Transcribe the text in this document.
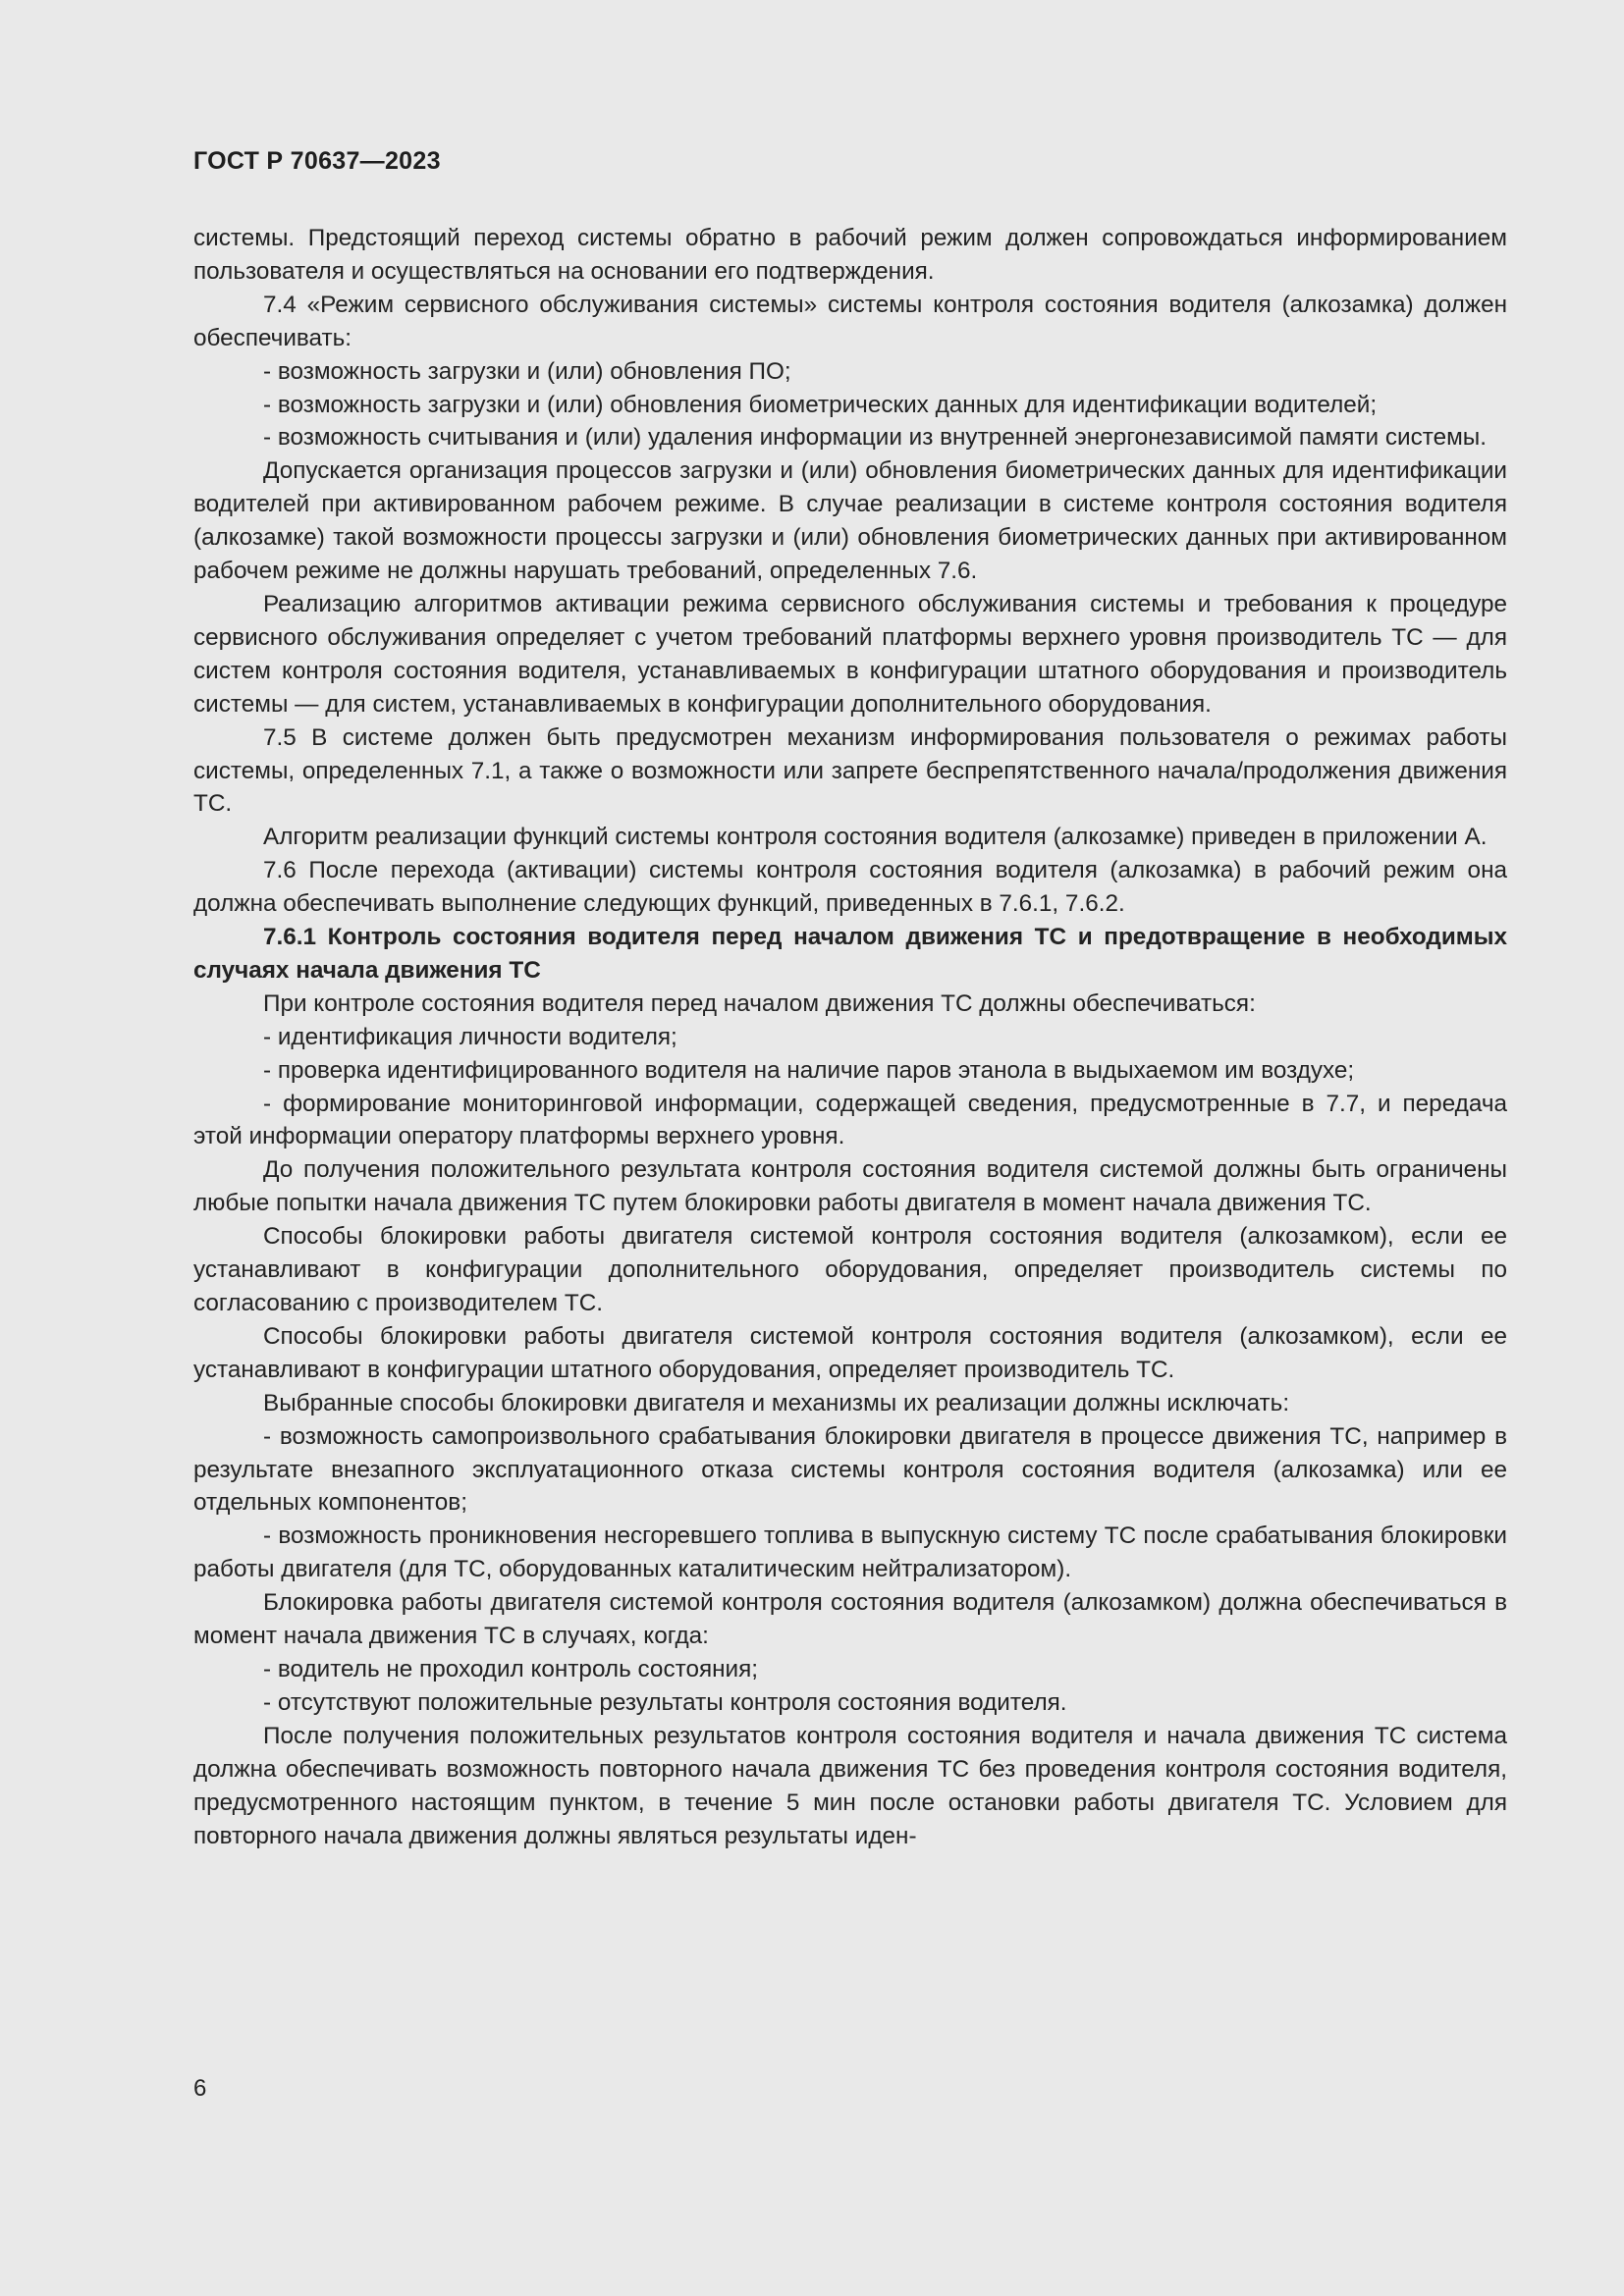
ГОСТ Р 70637—2023

системы. Предстоящий переход системы обратно в рабочий режим должен сопровождаться информированием пользователя и осуществляться на основании его подтверждения.

7.4 «Режим сервисного обслуживания системы» системы контроля состояния водителя (алкозамка) должен обеспечивать:

- возможность загрузки и (или) обновления ПО;

- возможность загрузки и (или) обновления биометрических данных для идентификации водителей;

- возможность считывания и (или) удаления информации из внутренней энергонезависимой памяти системы.

Допускается организация процессов загрузки и (или) обновления биометрических данных для идентификации водителей при активированном рабочем режиме. В случае реализации в системе контроля состояния водителя (алкозамке) такой возможности процессы загрузки и (или) обновления биометрических данных при активированном рабочем режиме не должны нарушать требований, определенных 7.6.

Реализацию алгоритмов активации режима сервисного обслуживания системы и требования к процедуре сервисного обслуживания определяет с учетом требований платформы верхнего уровня производитель ТС — для систем контроля состояния водителя, устанавливаемых в конфигурации штатного оборудования и производитель системы — для систем, устанавливаемых в конфигурации дополнительного оборудования.

7.5 В системе должен быть предусмотрен механизм информирования пользователя о режимах работы системы, определенных 7.1, а также о возможности или запрете беспрепятственного начала/продолжения движения ТС.

Алгоритм реализации функций системы контроля состояния водителя (алкозамке) приведен в приложении А.

7.6 После перехода (активации) системы контроля состояния водителя (алкозамка) в рабочий режим она должна обеспечивать выполнение следующих функций, приведенных в 7.6.1, 7.6.2.

7.6.1 Контроль состояния водителя перед началом движения ТС и предотвращение в необходимых случаях начала движения ТС

При контроле состояния водителя перед началом движения ТС должны обеспечиваться:

- идентификация личности водителя;

- проверка идентифицированного водителя на наличие паров этанола в выдыхаемом им воздухе;

- формирование мониторинговой информации, содержащей сведения, предусмотренные в 7.7, и передача этой информации оператору платформы верхнего уровня.

До получения положительного результата контроля состояния водителя системой должны быть ограничены любые попытки начала движения ТС путем блокировки работы двигателя в момент начала движения ТС.

Способы блокировки работы двигателя системой контроля состояния водителя (алкозамком), если ее устанавливают в конфигурации дополнительного оборудования, определяет производитель системы по согласованию с производителем ТС.

Способы блокировки работы двигателя системой контроля состояния водителя (алкозамком), если ее устанавливают в конфигурации штатного оборудования, определяет производитель ТС.

Выбранные способы блокировки двигателя и механизмы их реализации должны исключать:

- возможность самопроизвольного срабатывания блокировки двигателя в процессе движения ТС, например в результате внезапного эксплуатационного отказа системы контроля состояния водителя (алкозамка) или ее отдельных компонентов;

- возможность проникновения несгоревшего топлива в выпускную систему ТС после срабатывания блокировки работы двигателя (для ТС, оборудованных каталитическим нейтрализатором).

Блокировка работы двигателя системой контроля состояния водителя (алкозамком) должна обеспечиваться в момент начала движения ТС в случаях, когда:

- водитель не проходил контроль состояния;

- отсутствуют положительные результаты контроля состояния водителя.

После получения положительных результатов контроля состояния водителя и начала движения ТС система должна обеспечивать возможность повторного начала движения ТС без проведения контроля состояния водителя, предусмотренного настоящим пунктом, в течение 5 мин после остановки работы двигателя ТС. Условием для повторного начала движения должны являться результаты иден-

6
